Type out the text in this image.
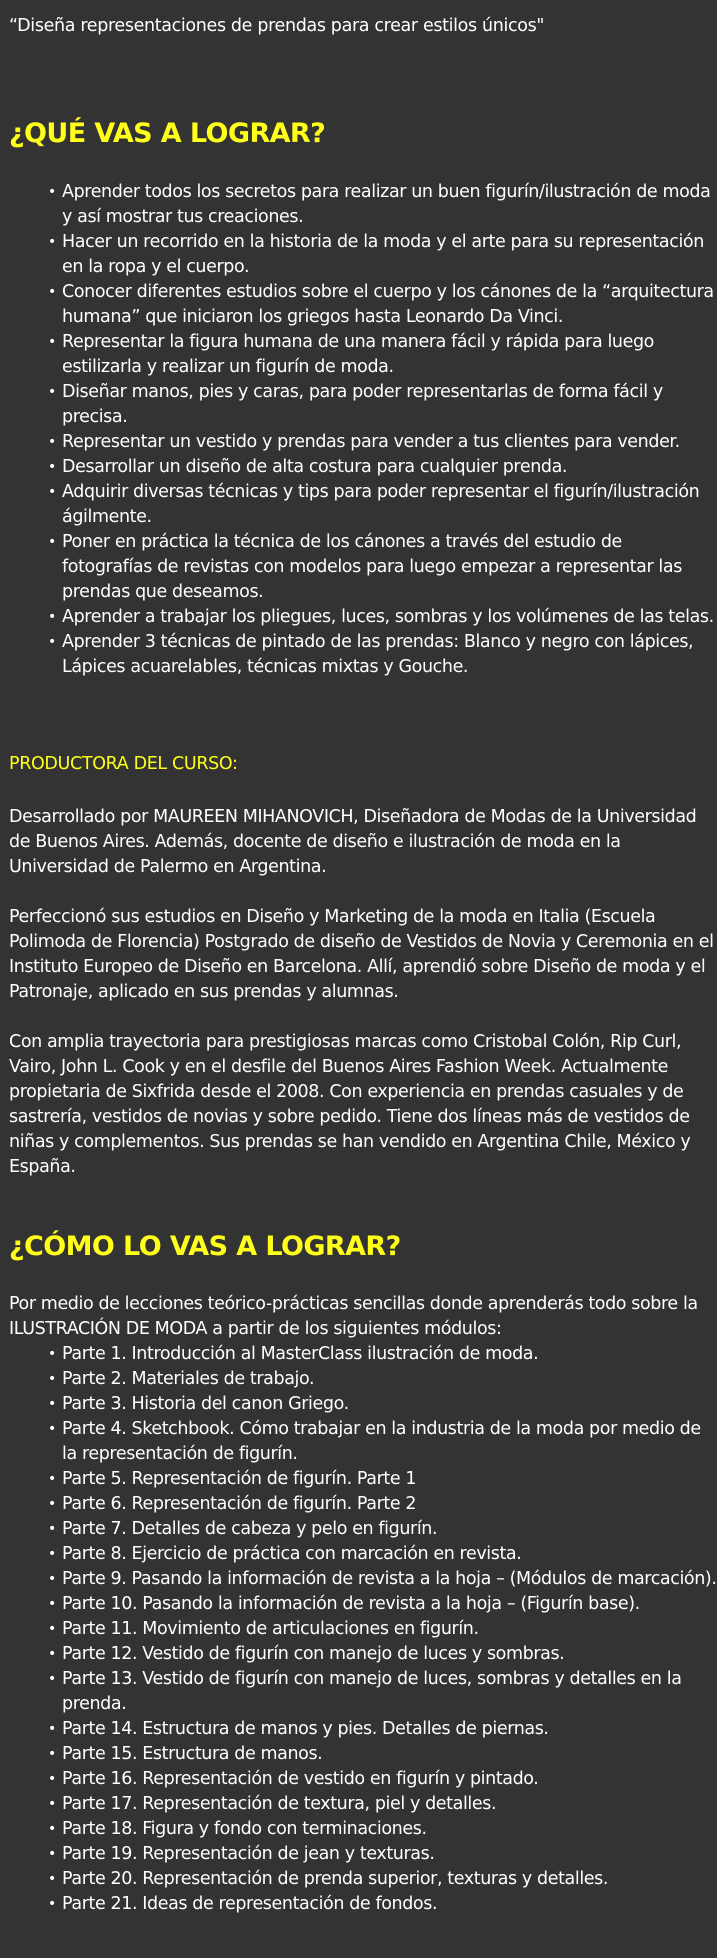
“Diseña representaciones de prendas para crear estilos únicos"
¿QUÉ VAS A LOGRAR?
• Aprender todos los secretos para realizar un buen figurín/ilustración de moda y así mostrar tus creaciones.
• Hacer un recorrido en la historia de la moda y el arte para su representación en la ropa y el cuerpo.
• Conocer diferentes estudios sobre el cuerpo y los cánones de la “arquitectura humana” que iniciaron los griegos hasta Leonardo Da Vinci.
• Representar la figura humana de una manera fácil y rápida para luego estilizarla y realizar un figurín de moda.
• Diseñar manos, pies y caras, para poder representarlas de forma fácil y precisa.
• Representar un vestido y prendas para vender a tus clientes para vender.
• Desarrollar un diseño de alta costura para cualquier prenda.
• Adquirir diversas técnicas y tips para poder representar el figurín/ilustración ágilmente.
• Poner en práctica la técnica de los cánones a través del estudio de fotografías de revistas con modelos para luego empezar a representar las prendas que deseamos.
• Aprender a trabajar los pliegues, luces, sombras y los volúmenes de las telas.
• Aprender 3 técnicas de pintado de las prendas: Blanco y negro con lápices, Lápices acuarelables, técnicas mixtas y Gouche.
PRODUCTORA DEL CURSO:

Desarrollado por MAUREEN MIHANOVICH, Diseñadora de Modas de la Universidad de Buenos Aires. Además, docente de diseño e ilustración de moda en la Universidad de Palermo en Argentina.

Perfeccionó sus estudios en Diseño y Marketing de la moda en Italia (Escuela Polimoda de Florencia) Postgrado de diseño de Vestidos de Novia y Ceremonia en el Instituto Europeo de Diseño en Barcelona. Allí, aprendió sobre Diseño de moda y el Patronaje, aplicado en sus prendas y alumnas.

Con amplia trayectoria para prestigiosas marcas como Cristobal Colón, Rip Curl, Vairo, John L. Cook y en el desfile del Buenos Aires Fashion Week. Actualmente propietaria de Sixfrida desde el 2008. Con experiencia en prendas casuales y de sastrería, vestidos de novias y sobre pedido. Tiene dos líneas más de vestidos de niñas y complementos. Sus prendas se han vendido en Argentina Chile, México y España.

¿CÓMO LO VAS A LOGRAR?

Por medio de lecciones teórico-prácticas sencillas donde aprenderás todo sobre la ILUSTRACIÓN DE MODA a partir de los siguientes módulos:

• Parte 1. Introducción al MasterClass ilustración de moda.
• Parte 2. Materiales de trabajo.
• Parte 3. Historia del canon Griego.
• Parte 4. Sketchbook. Cómo trabajar en la industria de la moda por medio de la representación de figurín.
• Parte 5. Representación de figurín. Parte 1
• Parte 6. Representación de figurín. Parte 2
• Parte 7. Detalles de cabeza y pelo en figurín.
• Parte 8. Ejercicio de práctica con marcación en revista.
• Parte 9. Pasando la información de revista a la hoja – (Módulos de marcación).
• Parte 10. Pasando la información de revista a la hoja – (Figurín base).
• Parte 11. Movimiento de articulaciones en figurín.
• Parte 12. Vestido de figurín con manejo de luces y sombras.
• Parte 13. Vestido de figurín con manejo de luces, sombras y detalles en la prenda.
• Parte 14. Estructura de manos y pies. Detalles de piernas.
• Parte 15. Estructura de manos.
• Parte 16. Representación de vestido en figurín y pintado.
• Parte 17. Representación de textura, piel y detalles.
• Parte 18. Figura y fondo con terminaciones.
• Parte 19. Representación de jean y texturas.
• Parte 20. Representación de prenda superior, texturas y detalles.
• Parte 21. Ideas de representación de fondos.
